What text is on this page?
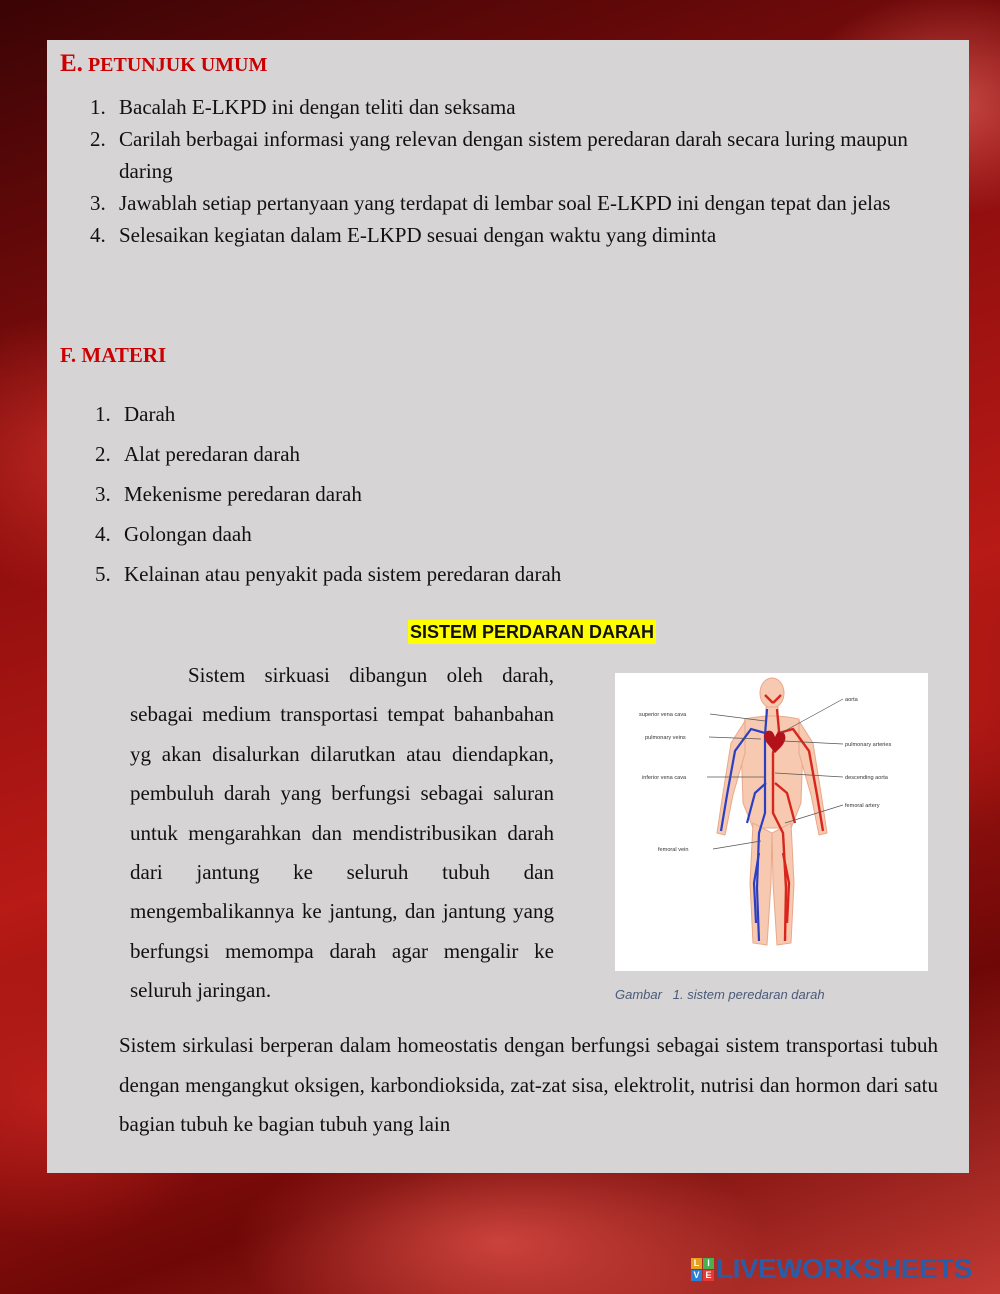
E. PETUNJUK UMUM
1. Bacalah E-LKPD ini dengan teliti dan seksama
2. Carilah berbagai informasi yang relevan dengan sistem peredaran darah secara luring maupun daring
3. Jawablah setiap pertanyaan yang terdapat di lembar soal E-LKPD ini dengan tepat dan jelas
4. Selesaikan kegiatan dalam E-LKPD sesuai dengan waktu yang diminta
F. MATERI
1. Darah
2. Alat peredaran darah
3. Mekenisme peredaran darah
4. Golongan daah
5. Kelainan atau penyakit pada sistem peredaran darah
SISTEM PERDARAN DARAH

Sistem sirkuasi dibangun oleh darah, sebagai medium transportasi tempat bahanbahan yg akan disalurkan dilarutkan atau diendapkan, pembuluh darah yang berfungsi sebagai saluran untuk mengarahkan dan mendistribusikan darah dari jantung ke seluruh tubuh dan mengembalikannya ke jantung, dan jantung yang berfungsi memompa darah agar mengalir ke seluruh jaringan.

aorta
superior vena cava
pulmonary veins
pulmonary arteries
inferior vena cava	descending aorta
femoral artery
femoral vein
Gambar   1. sistem peredaran darah

Sistem sirkulasi berperan dalam homeostatis dengan berfungsi sebagai sistem transportasi tubuh dengan mengangkut oksigen, karbondioksida, zat-zat sisa, elektrolit, nutrisi dan hormon dari satu bagian tubuh ke bagian tubuh yang lain

L I
V E LIVEWORKSHEETS
